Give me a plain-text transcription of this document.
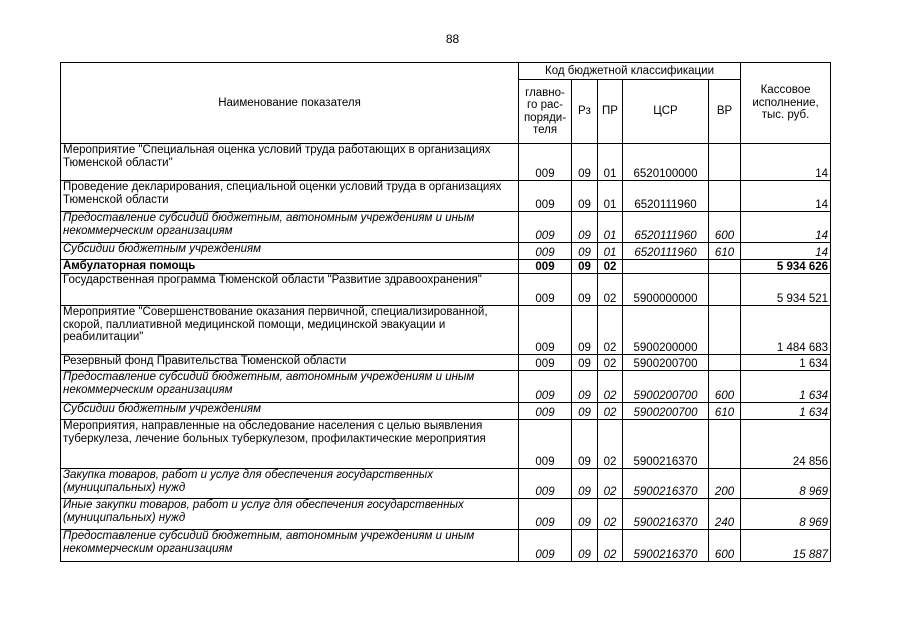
88
Наименование показателя	Код бюджетной классификации					Кассовое исполнение, тыс. руб.
	главно-го рас-поряди-теля	Рз	ПР	ЦСР	ВР	
Мероприятие "Специальная оценка условий труда работающих в организациях Тюменской области"	009	09	01	6520100000		14
Проведение декларирования, специальной оценки условий труда в организациях Тюменской области	009	09	01	6520111960		14
Предоставление субсидий бюджетным, автономным учреждениям и иным некоммерческим организациям	009	09	01	6520111960	600	14
Субсидии бюджетным учреждениям	009	09	01	6520111960	610	14
Амбулаторная помощь	009	09	02			5 934 626
Государственная программа Тюменской области "Развитие здравоохранения"	009	09	02	5900000000		5 934 521
Мероприятие "Совершенствование оказания первичной, специализированной, скорой, паллиативной медицинской помощи, медицинской эвакуации и реабилитации"	009	09	02	5900200000		1 484 683
Резервный фонд Правительства Тюменской области	009	09	02	5900200700		1 634
Предоставление субсидий бюджетным, автономным учреждениям и иным некоммерческим организациям	009	09	02	5900200700	600	1 634
Субсидии бюджетным учреждениям	009	09	02	5900200700	610	1 634
Мероприятия, направленные на обследование населения с целью выявления туберкулеза, лечение больных туберкулезом, профилактические мероприятия	009	09	02	5900216370		24 856
Закупка товаров, работ и услуг для обеспечения государственных (муниципальных) нужд	009	09	02	5900216370	200	8 969
Иные закупки товаров, работ и услуг для обеспечения государственных (муниципальных) нужд	009	09	02	5900216370	240	8 969
Предоставление субсидий бюджетным, автономным учреждениям и иным некоммерческим организациям	009	09	02	5900216370	600	15 887
